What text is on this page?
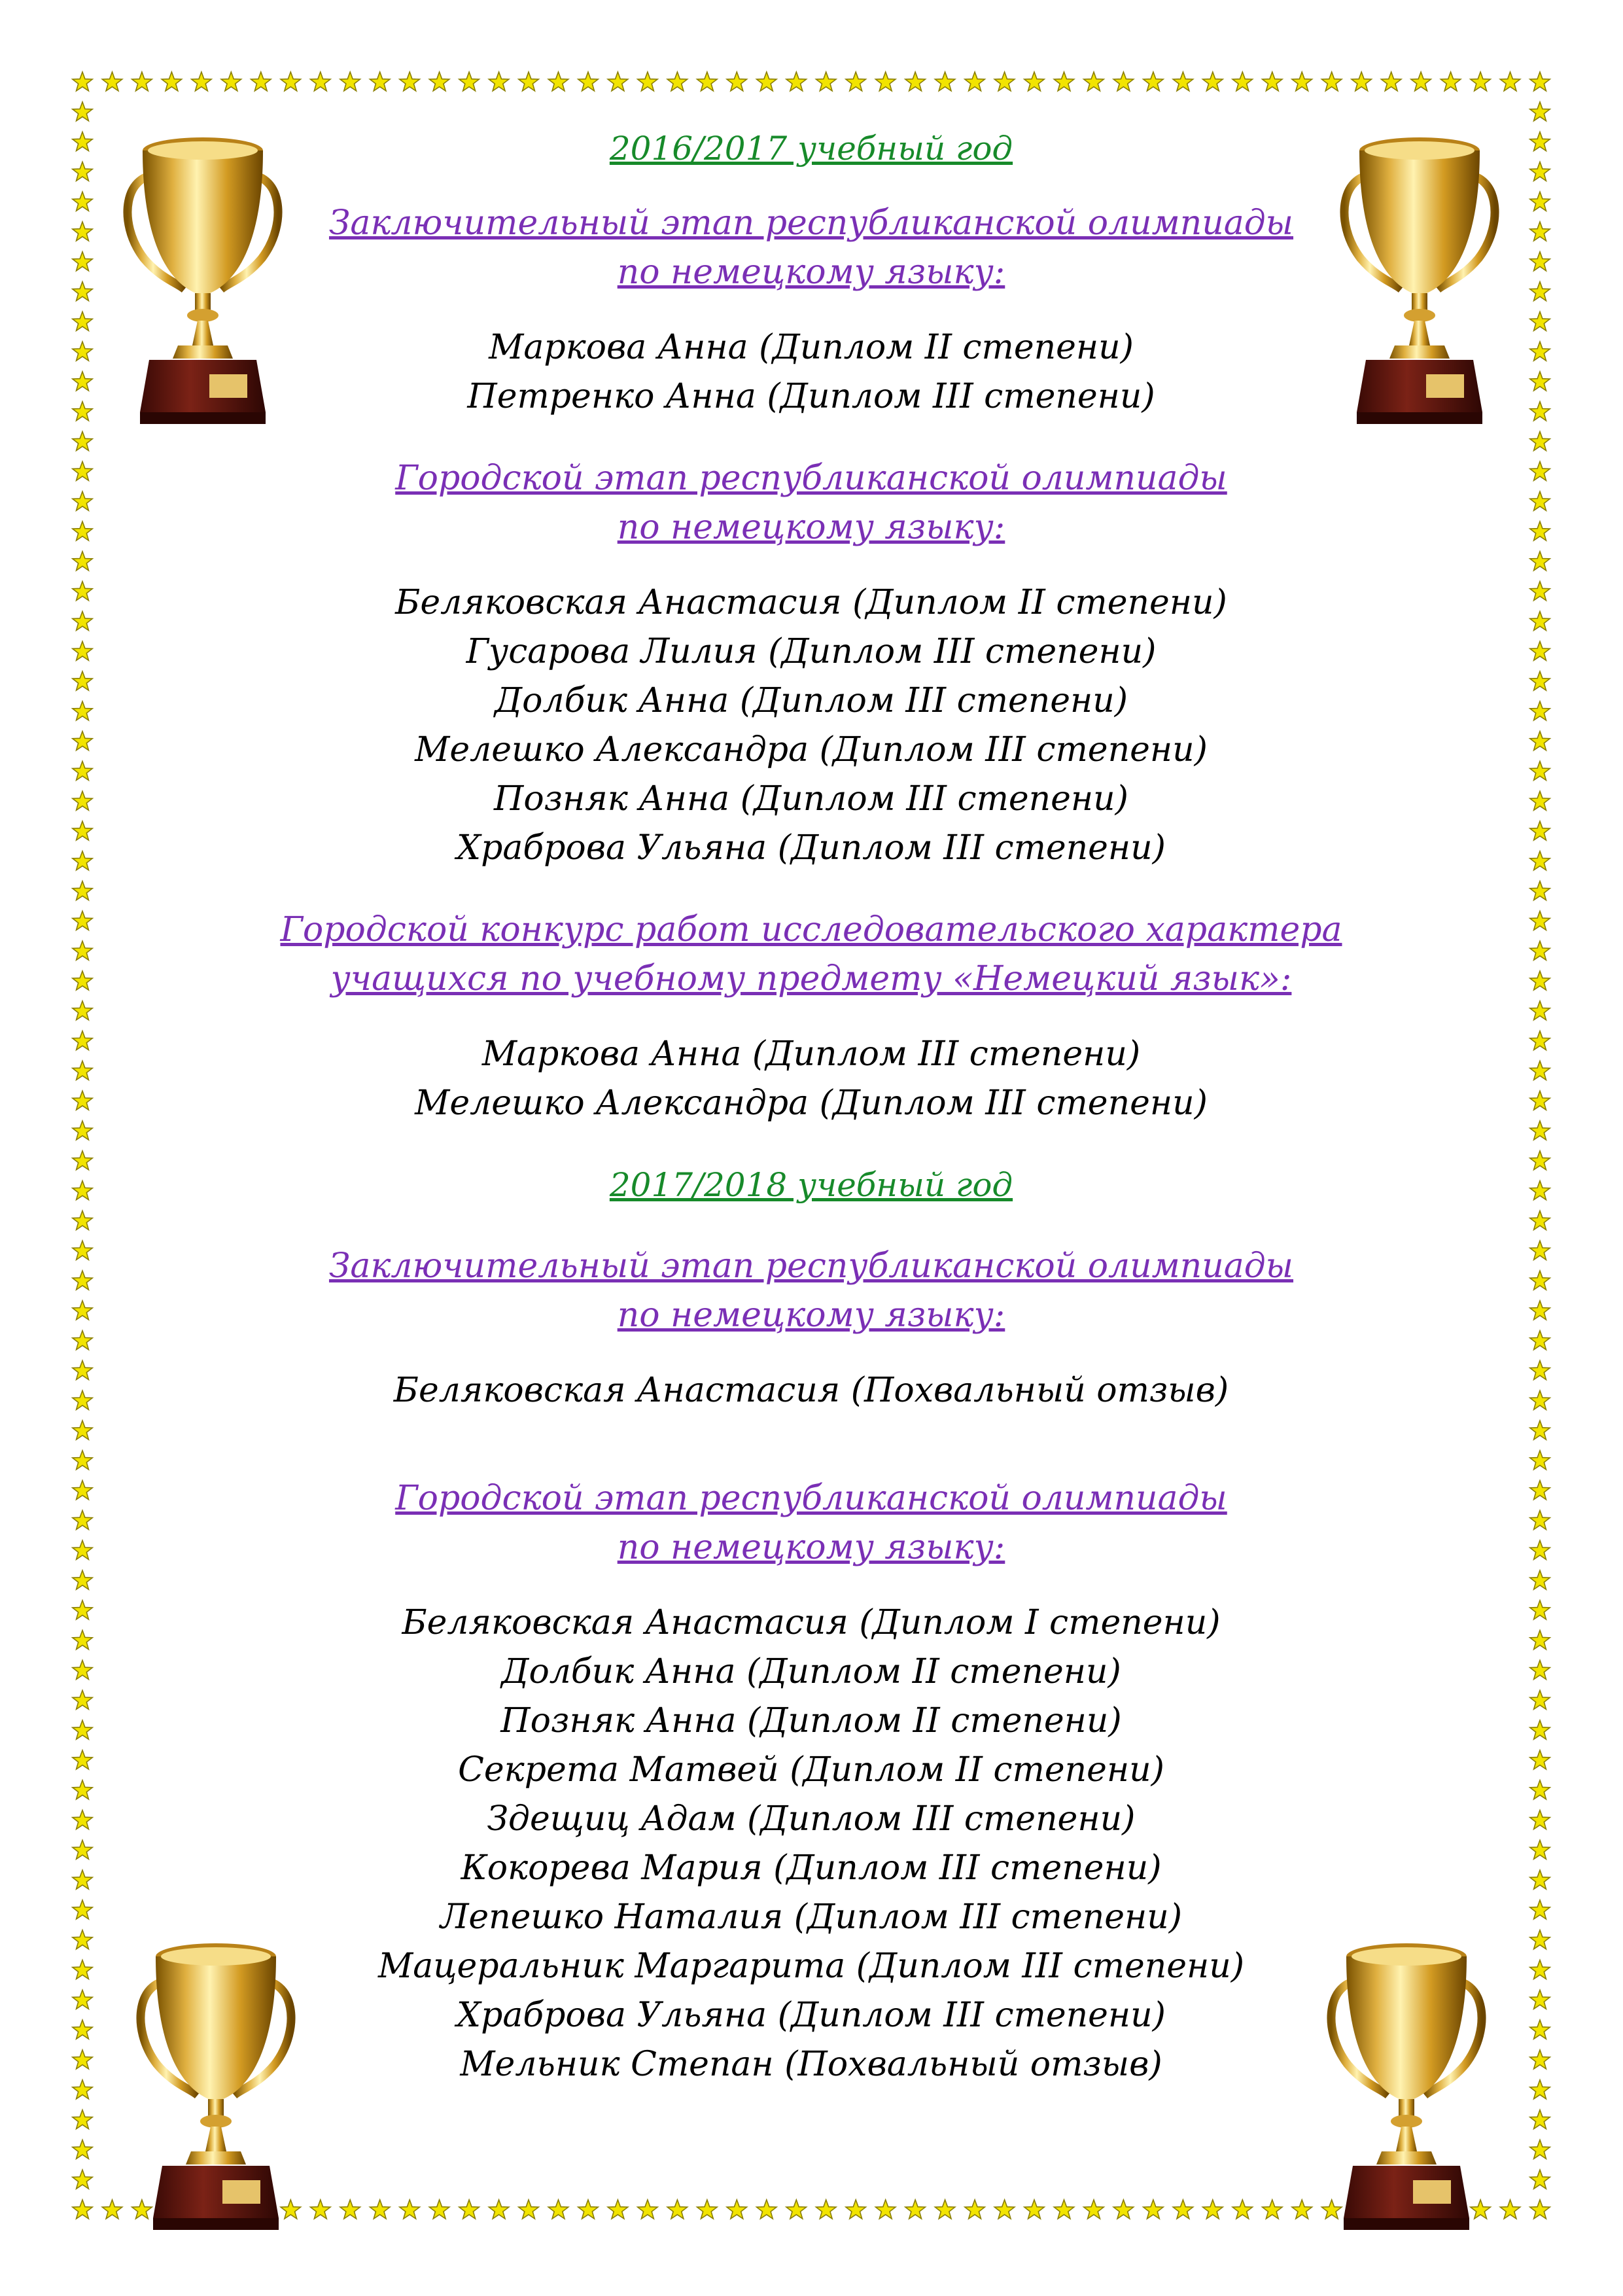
2016/2017 учебный год
Заключительный этап республиканской олимпиады
по немецкому языку:
Маркова Анна (Диплом II степени)
Петренко Анна (Диплом III степени)
Городской этап республиканской олимпиады
по немецкому языку:
Беляковская Анастасия (Диплом II степени)
Гусарова Лилия (Диплом III степени)
Долбик Анна (Диплом III степени)
Мелешко Александра (Диплом III степени)
Позняк Анна (Диплом III степени)
Храброва Ульяна (Диплом III степени)
Городской конкурс работ исследовательского характера
учащихся по учебному предмету «Немецкий язык»:
Маркова Анна (Диплом III степени)
Мелешко Александра (Диплом III степени)
2017/2018 учебный год
Заключительный этап республиканской олимпиады
по немецкому языку:
Беляковская Анастасия (Похвальный отзыв)
Городской этап республиканской олимпиады
по немецкому языку:
Беляковская Анастасия (Диплом I степени)
Долбик Анна (Диплом II степени)
Позняк Анна (Диплом II степени)
Секрета Матвей (Диплом II степени)
Здещиц Адам (Диплом III степени)
Кокорева Мария (Диплом III степени)
Лепешко Наталия (Диплом III степени)
Мацеральник Маргарита (Диплом III степени)
Храброва Ульяна (Диплом III степени)
Мельник Степан (Похвальный отзыв)
